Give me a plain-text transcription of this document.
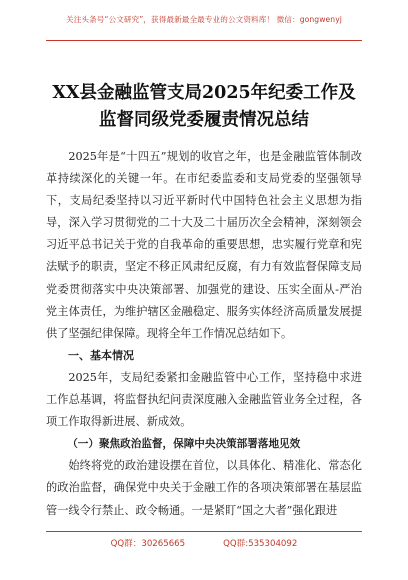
关注头条号“公文研究”，获得最新最全最专业的公文资料库！ 微信：gongwenyj
XX县金融监管支局2025年纪委工作及监督同级党委履责情况总结

2025年是“十四五”规划的收官之年，也是金融监管体制改革持续深化的关键一年。在市纪委监委和支局党委的坚强领导下，支局纪委坚持以习近平新时代中国特色社会主义思想为指导，深入学习贯彻党的二十大及二十届历次全会精神，深刻领会习近平总书记关于党的自我革命的重要思想，忠实履行党章和宪法赋予的职责，坚定不移正风肃纪反腐，有力有效监督保障支局党委贯彻落实中央决策部署、加强党的建设、压实全面从-严治党主体责任，为维护辖区金融稳定、服务实体经济高质量发展提供了坚强纪律保障。现将全年工作情况总结如下。

一、基本情况

2025年，支局纪委紧扣金融监管中心工作，坚持稳中求进工作总基调，将监督执纪问责深度融入金融监管业务全过程，各项工作取得新进展、新成效。

（一）聚焦政治监督，保障中央决策部署落地见效

始终将党的政治建设摆在首位，以具体化、精准化、常态化的政治监督，确保党中央关于金融工作的各项决策部署在基层监管一线令行禁止、政令畅通。一是紧盯“国之大者”强化跟进

QQ群：30265665	QQ群:535304092
